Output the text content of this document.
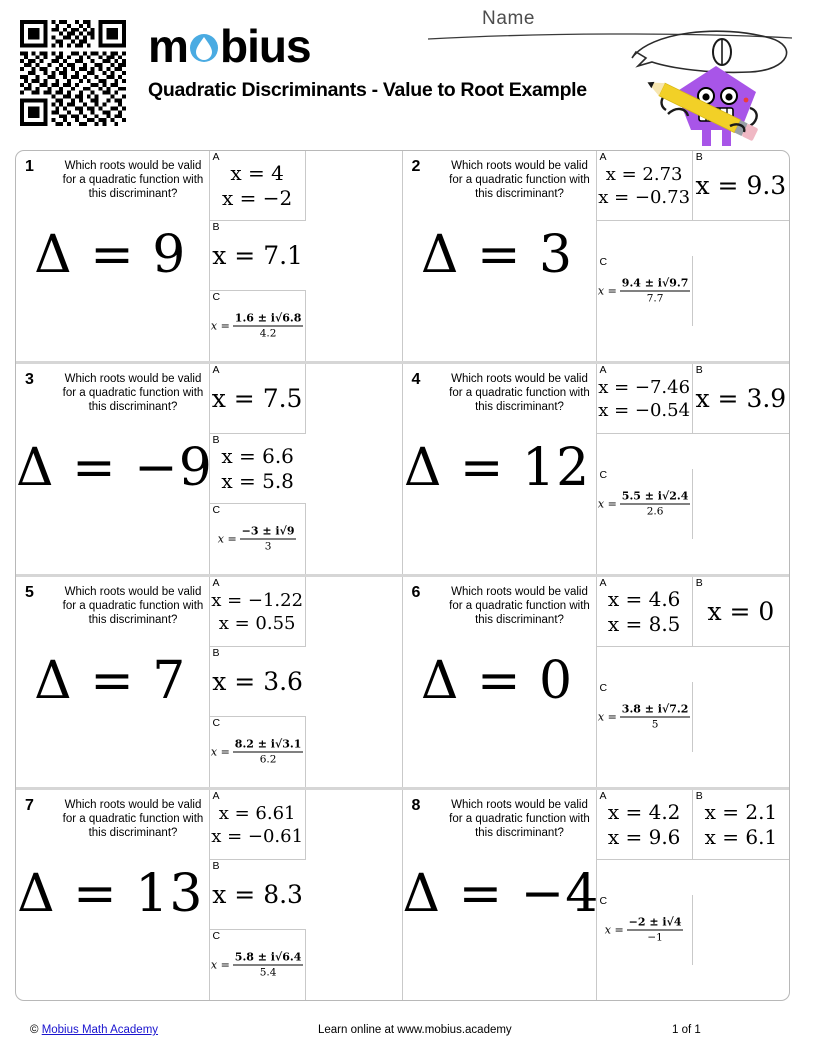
m bius
Quadratic Discriminants - Value to Root Example
Name
1	Which roots would be valid for a quadratic function with this discriminant?
Δ = 9
A
x = 4
x = −2
B
x = 7.1
C
$x = \frac{1.6 \pm i√6.8}{4.2}$
2	Which roots would be valid for a quadratic function with this discriminant?
Δ = 3
A
x = 2.73
x = −0.73
B
x = 9.3
C
$x = \frac{9.4 \pm i√9.7}{7.7}$
3	Which roots would be valid for a quadratic function with this discriminant?
Δ = −9
A
x = 7.5
B
x = 6.6
x = 5.8
C
$x = \frac{-3 \pm i√9}{3}$
4	Which roots would be valid for a quadratic function with this discriminant?
Δ = 12
A
x = −7.46
x = −0.54
B
x = 3.9
C
$x = \frac{5.5 \pm i√2.4}{2.6}$
5	Which roots would be valid for a quadratic function with this discriminant?
Δ = 7
A
x = −1.22
x = 0.55
B
x = 3.6
C
$x = \frac{8.2 \pm i√3.1}{6.2}$
6	Which roots would be valid for a quadratic function with this discriminant?
Δ = 0
A
x = 4.6
x = 8.5
B
x = 0
C
$x = \frac{3.8 \pm i√7.2}{5}$
7	Which roots would be valid for a quadratic function with this discriminant?
Δ = 13
A
x = 6.61
x = −0.61
B
x = 8.3
C
$x = \frac{5.8 \pm i√6.4}{5.4}$
8	Which roots would be valid for a quadratic function with this discriminant?
Δ = −4
A
x = 4.2
x = 9.6
B
x = 2.1
x = 6.1
C
$x = \frac{-2 \pm i√4}{-1}$
© Mobius Math Academy	Learn online at www.mobius.academy	1 of 1
